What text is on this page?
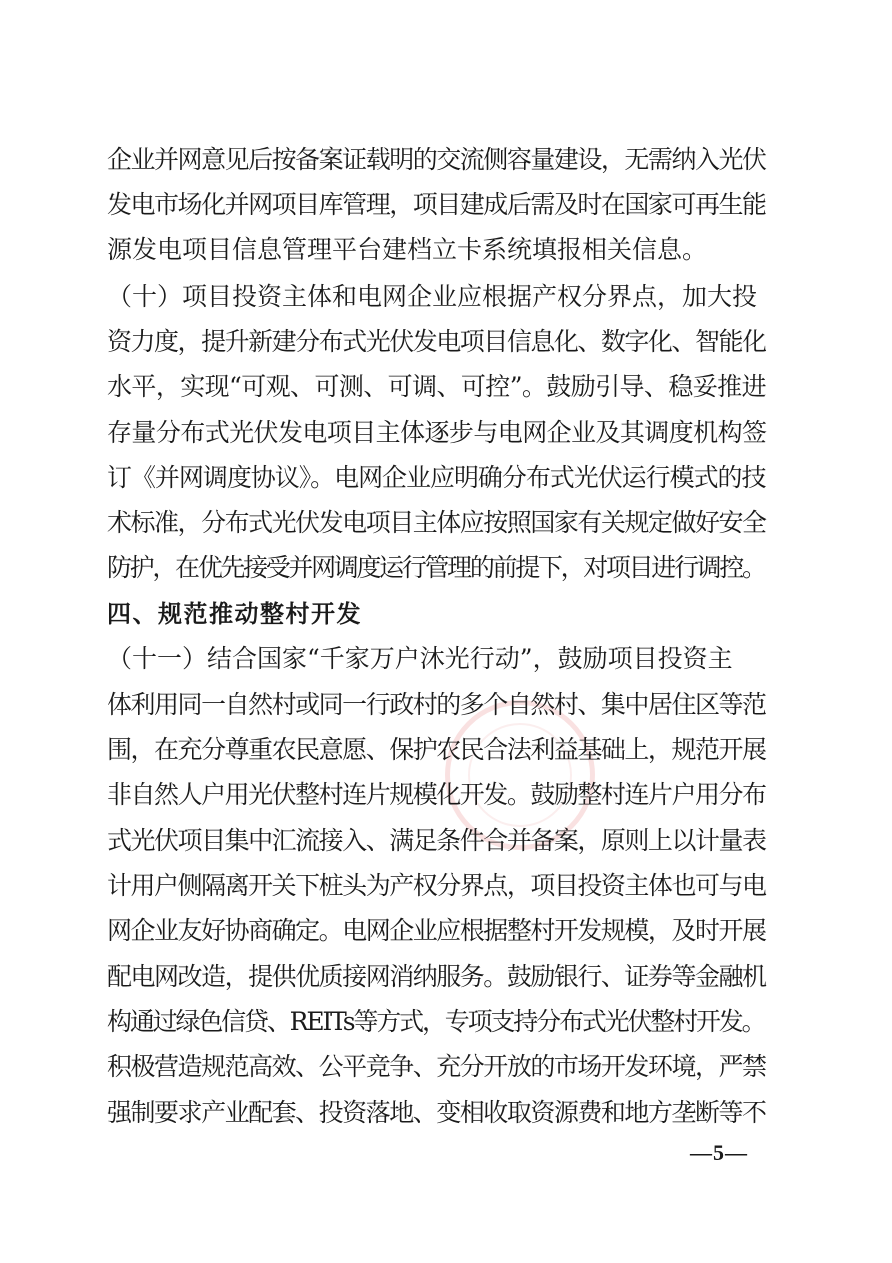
企业并网意见后按备案证载明的交流侧容量建设，无需纳入光伏
发电市场化并网项目库管理，项目建成后需及时在国家可再生能
源发电项目信息管理平台建档立卡系统填报相关信息。
（十）项目投资主体和电网企业应根据产权分界点，加大投
资力度，提升新建分布式光伏发电项目信息化、数字化、智能化
水平，实现“可观、可测、可调、可控”。鼓励引导、稳妥推进
存量分布式光伏发电项目主体逐步与电网企业及其调度机构签
订《并网调度协议》。电网企业应明确分布式光伏运行模式的技
术标准，分布式光伏发电项目主体应按照国家有关规定做好安全
防护，在优先接受并网调度运行管理的前提下，对项目进行调控。
四、规范推动整村开发
（十一）结合国家“千家万户沐光行动”，鼓励项目投资主
体利用同一自然村或同一行政村的多个自然村、集中居住区等范
围，在充分尊重农民意愿、保护农民合法利益基础上，规范开展
非自然人户用光伏整村连片规模化开发。鼓励整村连片户用分布
式光伏项目集中汇流接入、满足条件合并备案，原则上以计量表
计用户侧隔离开关下桩头为产权分界点，项目投资主体也可与电
网企业友好协商确定。电网企业应根据整村开发规模，及时开展
配电网改造，提供优质接网消纳服务。鼓励银行、证券等金融机
构通过绿色信贷、REITs等方式，专项支持分布式光伏整村开发。
积极营造规范高效、公平竞争、充分开放的市场开发环境，严禁
强制要求产业配套、投资落地、变相收取资源费和地方垄断等不
—5—
